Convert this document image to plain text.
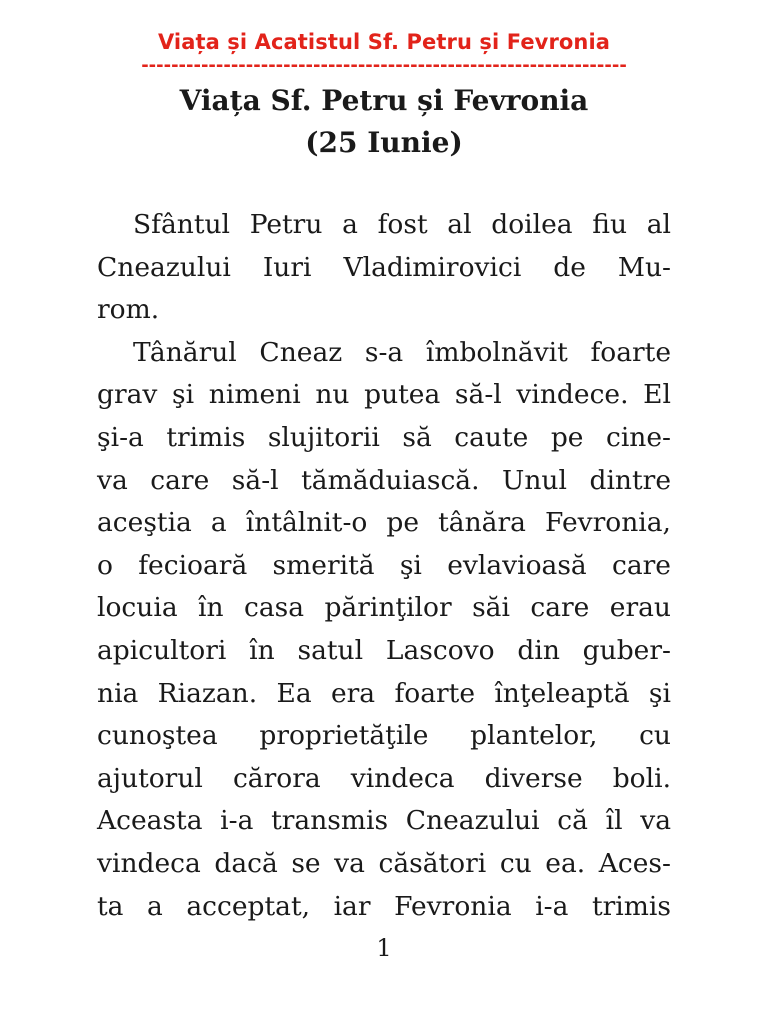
Viața și Acatistul Sf. Petru și Fevronia
-----------------------------------------------------------------
Viața Sf. Petru și Fevronia
(25 Iunie)
Sfântul Petru a fost al doilea fiu al
Cneazului Iuri Vladimirovici de Mu-
rom.
Tânărul Cneaz s-a îmbolnăvit foarte
grav şi nimeni nu putea să-l vindece. El
şi-a trimis slujitorii să caute pe cine-
va care să-l tămăduiască. Unul dintre
aceştia a întâlnit-o pe tânăra Fevronia,
o fecioară smerită şi evlavioasă care
locuia în casa părinţilor săi care erau
apicultori în satul Lascovo din guber-
nia Riazan. Ea era foarte înţeleaptă şi
cunoştea proprietăţile plantelor, cu
ajutorul cărora vindeca diverse boli.
Aceasta i-a transmis Cneazului că îl va
vindeca dacă se va căsători cu ea. Aces-
ta a acceptat, iar Fevronia i-a trimis
1
